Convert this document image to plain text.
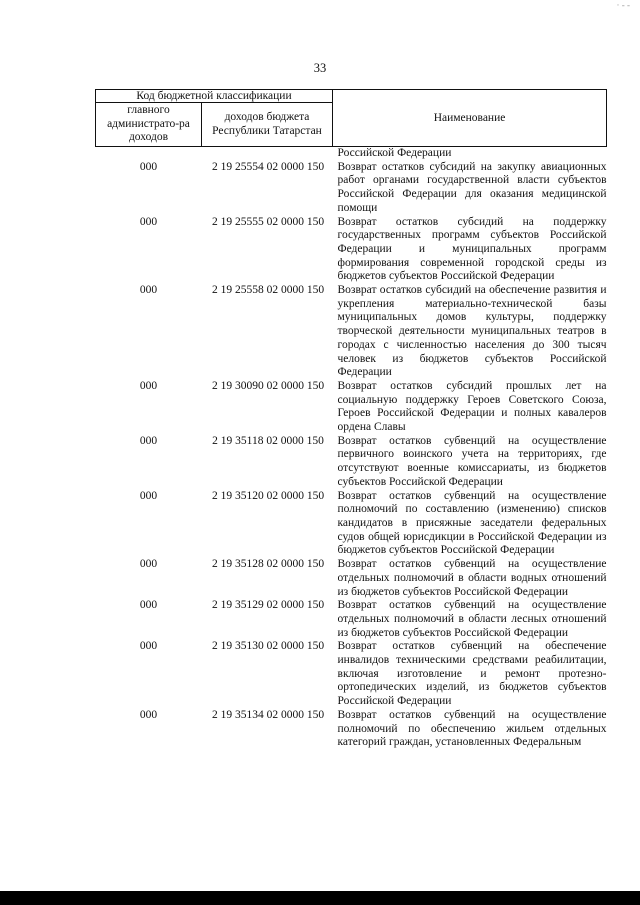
· - -
33
Код бюджетной классификации		Наименование
главного администрато-ра доходов	доходов бюджета Республики Татарстан	
		Российской Федерации
000	2 19 25554 02 0000 150	Возврат остатков субсидий на закупку авиационных работ органами государственной власти субъектов Российской Федерации для оказания медицинской помощи
000	2 19 25555 02 0000 150	Возврат остатков субсидий на поддержку государственных программ субъектов Российской Федерации и муниципальных программ формирования современной городской среды из бюджетов субъектов Российской Федерации
000	2 19 25558 02 0000 150	Возврат остатков субсидий на обеспечение развития и укрепления материально-технической базы муниципальных домов культуры, поддержку творческой деятельности муниципальных театров в городах с численностью населения до 300 тысяч человек из бюджетов субъектов Российской Федерации
000	2 19 30090 02 0000 150	Возврат остатков субсидий прошлых лет на социальную поддержку Героев Советского Союза, Героев Российской Федерации и полных кавалеров ордена Славы
000	2 19 35118 02 0000 150	Возврат остатков субвенций на осуществление первичного воинского учета на территориях, где отсутствуют военные комиссариаты, из бюджетов субъектов Российской Федерации
000	2 19 35120 02 0000 150	Возврат остатков субвенций на осуществление полномочий по составлению (изменению) списков кандидатов в присяжные заседатели федеральных судов общей юрисдикции в Российской Федерации из бюджетов субъектов Российской Федерации
000	2 19 35128 02 0000 150	Возврат остатков субвенций на осуществление отдельных полномочий в области водных отношений из бюджетов субъектов Российской Федерации
000	2 19 35129 02 0000 150	Возврат остатков субвенций на осуществление отдельных полномочий в области лесных отношений из бюджетов субъектов Российской Федерации
000	2 19 35130 02 0000 150	Возврат остатков субвенций на обеспечение инвалидов техническими средствами реабилитации, включая изготовление и ремонт протезно-ортопедических изделий, из бюджетов субъектов Российской Федерации
000	2 19 35134 02 0000 150	Возврат остатков субвенций на осуществление полномочий по обеспечению жильем отдельных категорий граждан, установленных Федеральным
